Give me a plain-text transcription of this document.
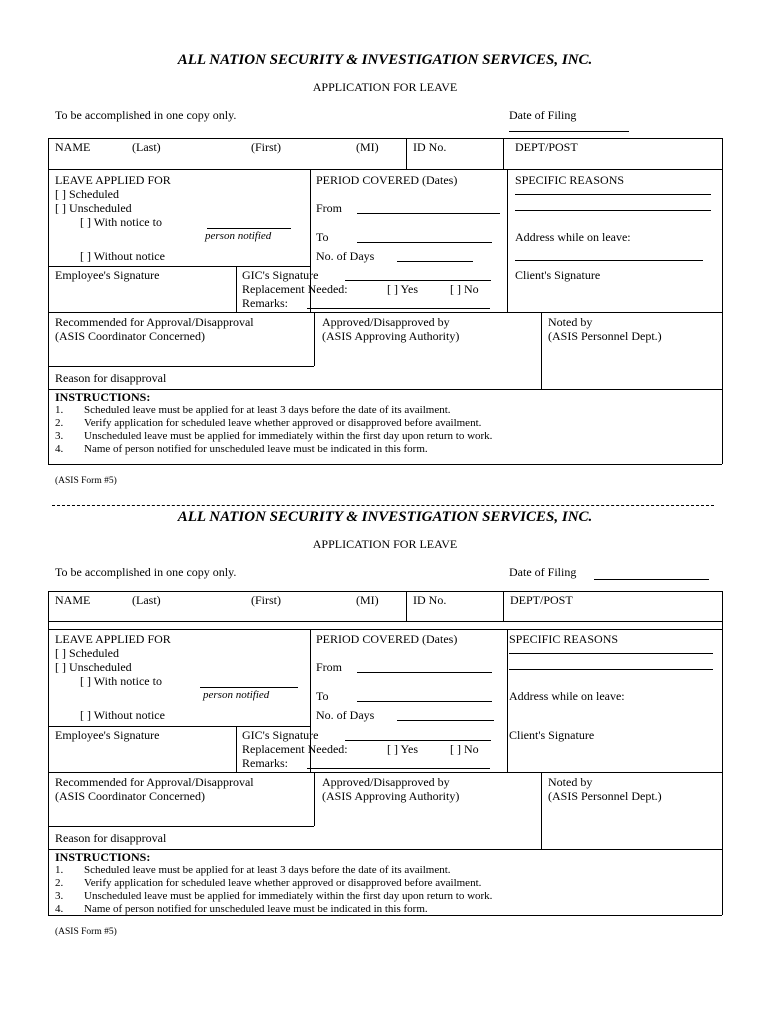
ALL NATION SECURITY & INVESTIGATION SERVICES, INC.
APPLICATION FOR LEAVE
To be accomplished in one copy only.	Date of Filing
NAME	(Last)	(First)	(MI)	ID No.	DEPT/POST
LEAVE APPLIED FOR
[ ] Scheduled
[ ] Unscheduled
[ ] With notice to
person notified
[ ] Without notice
PERIOD COVERED (Dates)
From
To
No. of Days
SPECIFIC REASONS
Address while on leave:
Employee's Signature	GIC's Signature
Replacement Needed:	[ ] Yes	[ ] No
Remarks:
Client's Signature
Recommended for Approval/Disapproval
(ASIS Coordinator Concerned)
Approved/Disapproved by
(ASIS Approving Authority)
Noted by
(ASIS Personnel Dept.)
Reason for disapproval
INSTRUCTIONS:
1. Scheduled leave must be applied for at least 3 days before the date of its availment.
2. Verify application for scheduled leave whether approved or disapproved before availment.
3. Unscheduled leave must be applied for immediately within the first day upon return to work.
4. Name of person notified for unscheduled leave must be indicated in this form.
(ASIS Form #5)
ALL NATION SECURITY & INVESTIGATION SERVICES, INC.
APPLICATION FOR LEAVE
To be accomplished in one copy only.	Date of Filing
NAME	(Last)	(First)	(MI)	ID No.	DEPT/POST
LEAVE APPLIED FOR
[ ] Scheduled
[ ] Unscheduled
[ ] With notice to
person notified
[ ] Without notice
PERIOD COVERED (Dates)
From
To
No. of Days
SPECIFIC REASONS
Address while on leave:
Employee's Signature	GIC's Signature
Replacement Needed:	[ ] Yes	[ ] No
Remarks:
Client's Signature
Recommended for Approval/Disapproval
(ASIS Coordinator Concerned)
Approved/Disapproved by
(ASIS Approving Authority)
Noted by
(ASIS Personnel Dept.)
Reason for disapproval
INSTRUCTIONS:
1. Scheduled leave must be applied for at least 3 days before the date of its availment.
2. Verify application for scheduled leave whether approved or disapproved before availment.
3. Unscheduled leave must be applied for immediately within the first day upon return to work.
4. Name of person notified for unscheduled leave must be indicated in this form.
(ASIS Form #5)
